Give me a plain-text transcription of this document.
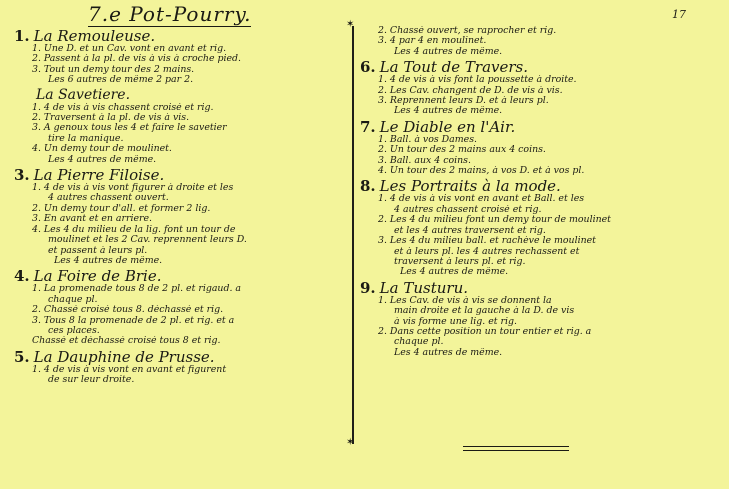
7.e Pot-Pourry.	17
1. La Remouleuse.
1. Une D. et un Cav. vont en avant et rig.
2. Passent à la pl. de vis à vis à croche pied.
3. Tout un demy tour des 2 mains.
Les 6 autres de même 2 par 2.
La Savetiere.
1. 4 de vis à vis chassent croisé et rig.
2. Traversent à la pl. de vis à vis.
3. A genoux tous les 4 et faire le savetier
tire la manique.
4. Un demy tour de moulinet.
Les 4 autres de même.
3. La Pierre Filoise.
1. 4 de vis à vis vont figurer à droite et les
4 autres chassent ouvert.
2. Un demy tour d'all. et former 2 lig.
3. En avant et en arriere.
4. Les 4 du milieu de la lig. font un tour de
moulinet et les 2 Cav. reprennent leurs D.
et passent à leurs pl.
Les 4 autres de même.
4. La Foire de Brie.
1. La promenade tous 8 de 2 pl. et rigaud. a
chaque pl.
2. Chassé croisé tous 8. déchassé et rig.
3. Tous 8 la promenade de 2 pl. et rig. et a
ces places.
Chassé et déchassé croisé tous 8 et rig.
5. La Dauphine de Prusse.
1. 4 de vis à vis vont en avant et figurent
de sur leur droite.
✶
✶
2. Chassé ouvert, se raprocher et rig.
3. 4 par 4 en moulinet.
Les 4 autres de même.
6. La Tout de Travers.
1. 4 de vis à vis font la poussette à droite.
2. Les Cav. changent de D. de vis à vis.
3. Reprennent leurs D. et à leurs pl.
Les 4 autres de même.
7. Le Diable en l'Air.
1. Ball. à vos Dames.
2. Un tour des 2 mains aux 4 coins.
3. Ball. aux 4 coins.
4. Un tour des 2 mains, à vos D. et à vos pl.
8. Les Portraits à la mode.
1. 4 de vis à vis vont en avant et Ball. et les
4 autres chassent croisé et rig.
2. Les 4 du milieu font un demy tour de moulinet
et les 4 autres traversent et rig.
3. Les 4 du milieu ball. et rachève le moulinet
et à leurs pl. les 4 autres rechassent et
traversent à leurs pl. et rig.
Les 4 autres de même.
9. La Tusturu.
1. Les Cav. de vis à vis se donnent la
main droite et la gauche à la D. de vis
à vis forme une lig. et rig.
2. Dans cette position un tour entier et rig. a
chaque pl.
Les 4 autres de même.
